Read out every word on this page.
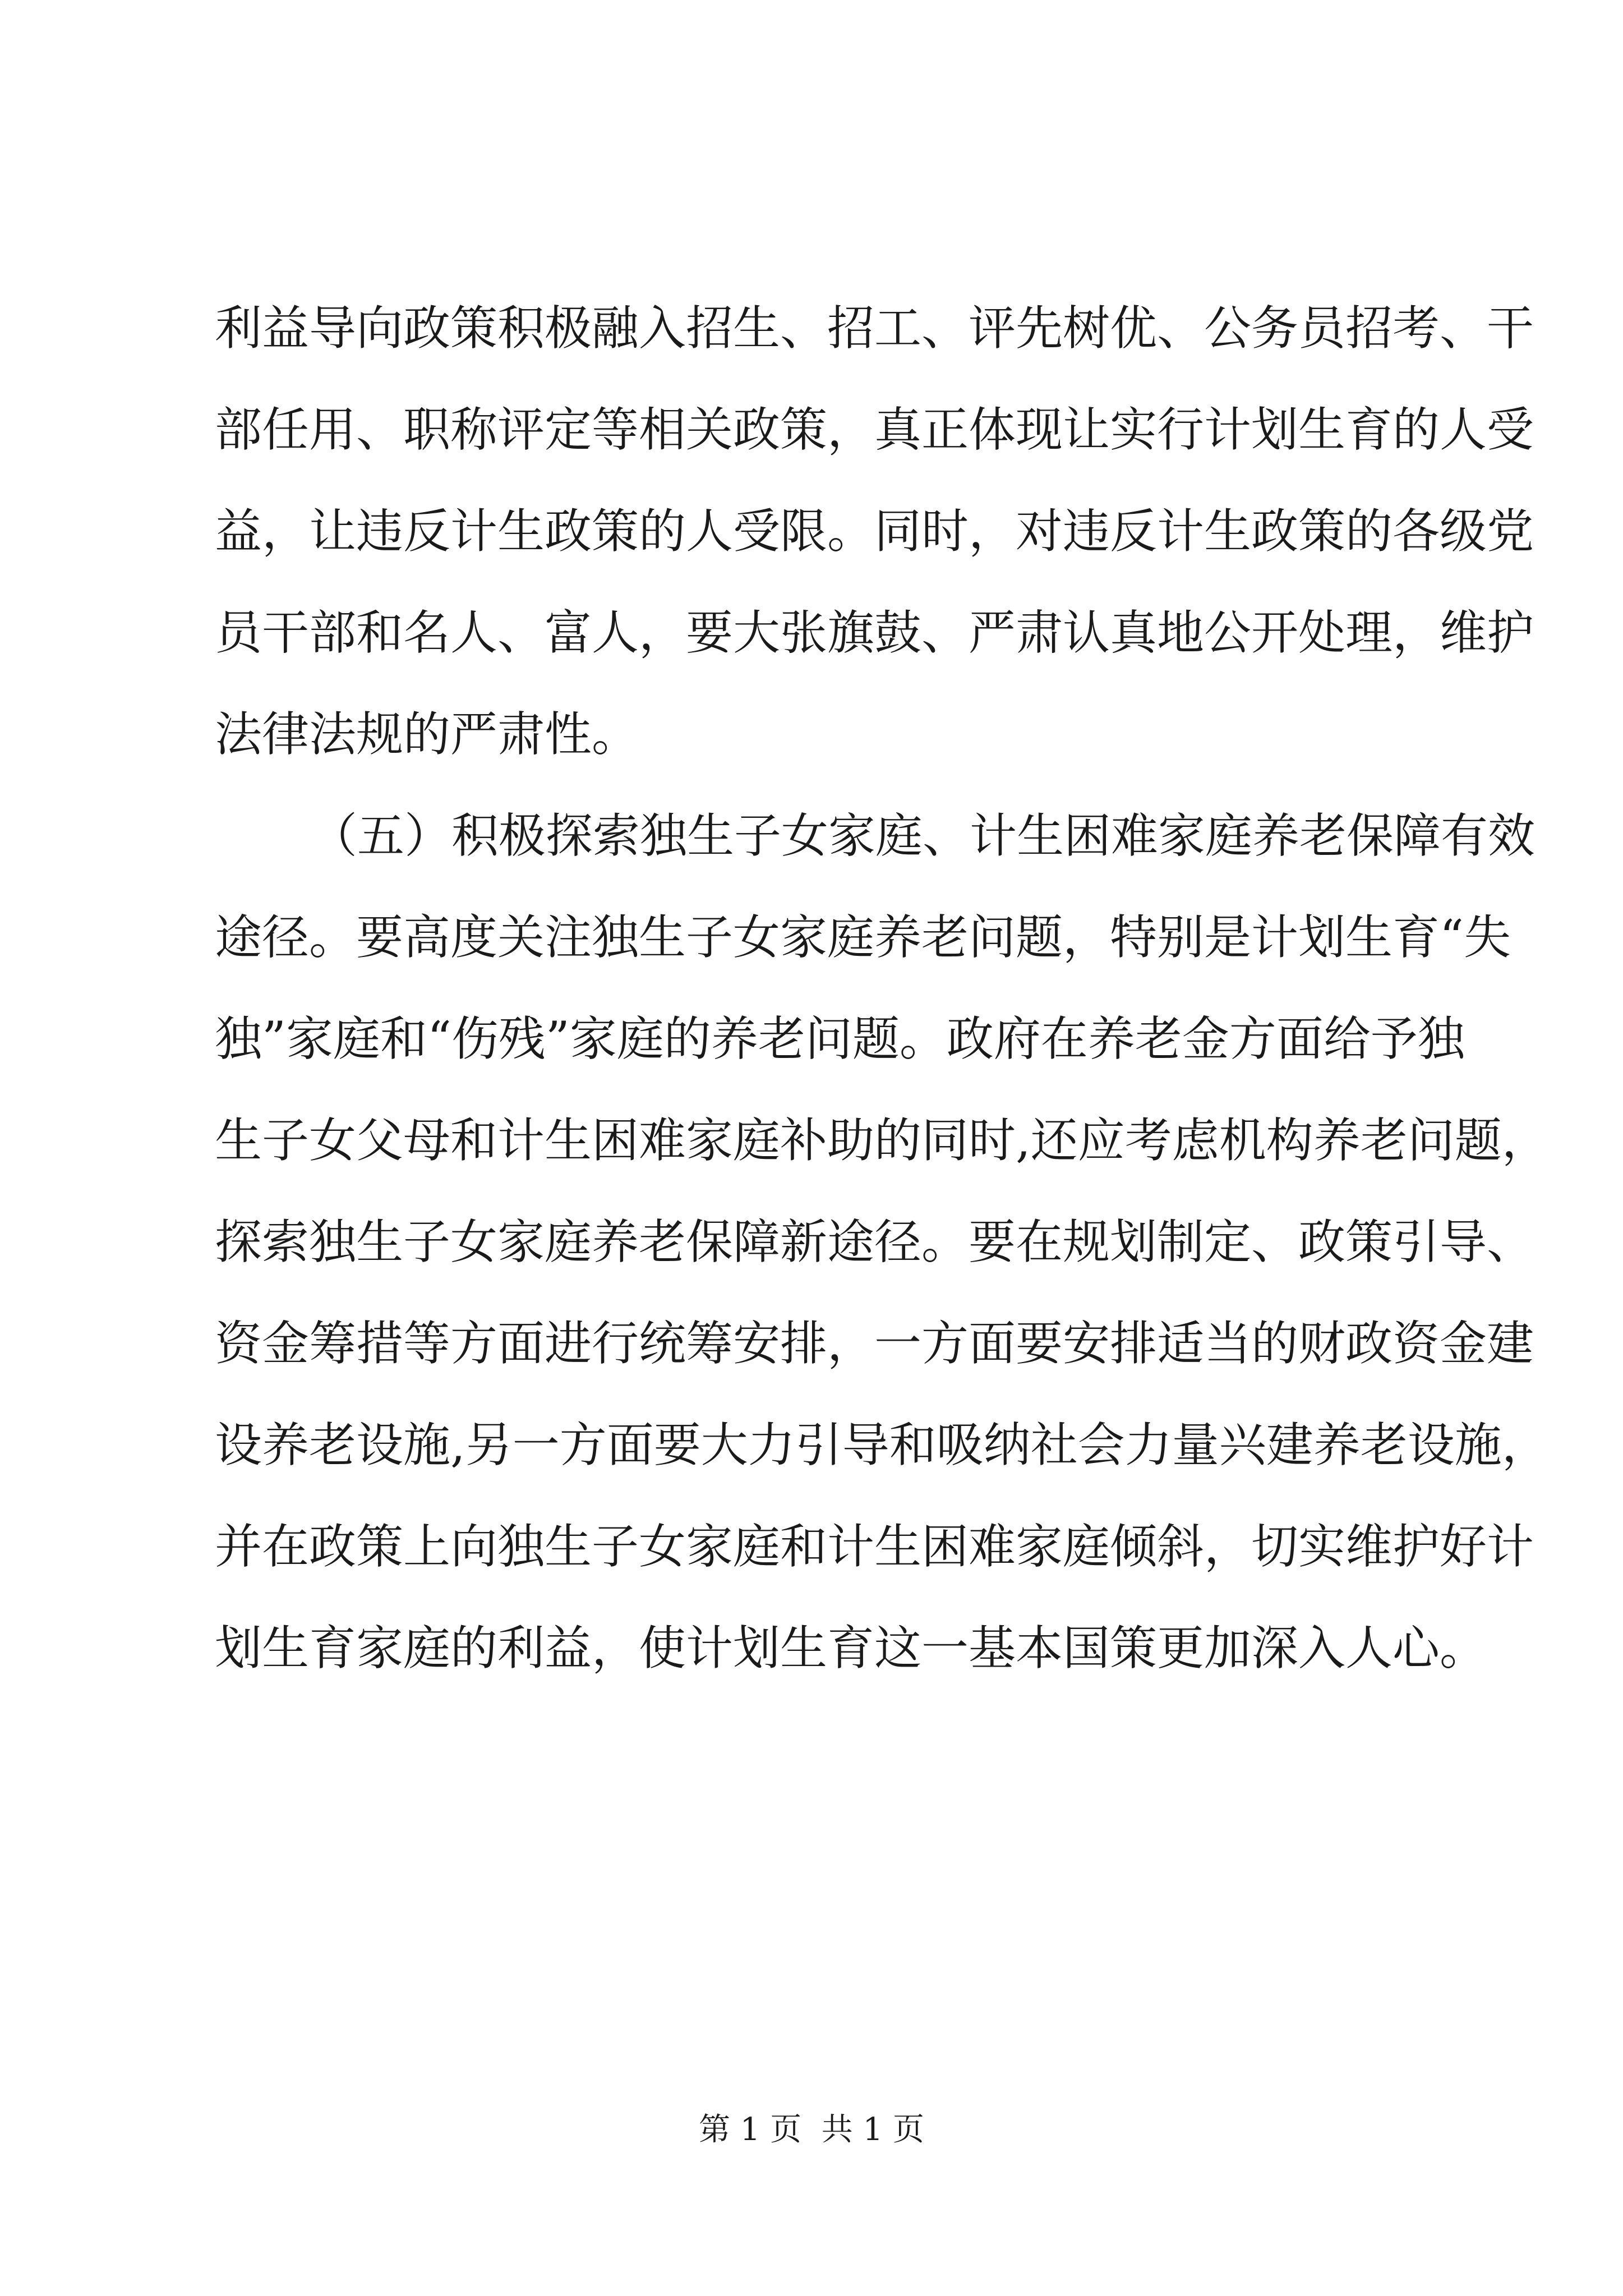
利益导向政策积极融入招生、招工、评先树优、公务员招考、干
部任用、职称评定等相关政策，真正体现让实行计划生育的人受
益，让违反计生政策的人受限。同时，对违反计生政策的各级党
员干部和名人、富人，要大张旗鼓、严肃认真地公开处理，维护
法律法规的严肃性。
（五）积极探索独生子女家庭、计生困难家庭养老保障有效
途径。要高度关注独生子女家庭养老问题，特别是计划生育“失
独”家庭和“伤残”家庭的养老问题。政府在养老金方面给予独
生子女父母和计生困难家庭补助的同时,还应考虑机构养老问题，
探索独生子女家庭养老保障新途径。要在规划制定、政策引导、
资金筹措等方面进行统筹安排，一方面要安排适当的财政资金建
设养老设施,另一方面要大力引导和吸纳社会力量兴建养老设施，
并在政策上向独生子女家庭和计生困难家庭倾斜，切实维护好计
划生育家庭的利益，使计划生育这一基本国策更加深入人心。
第 1 页  共 1 页
